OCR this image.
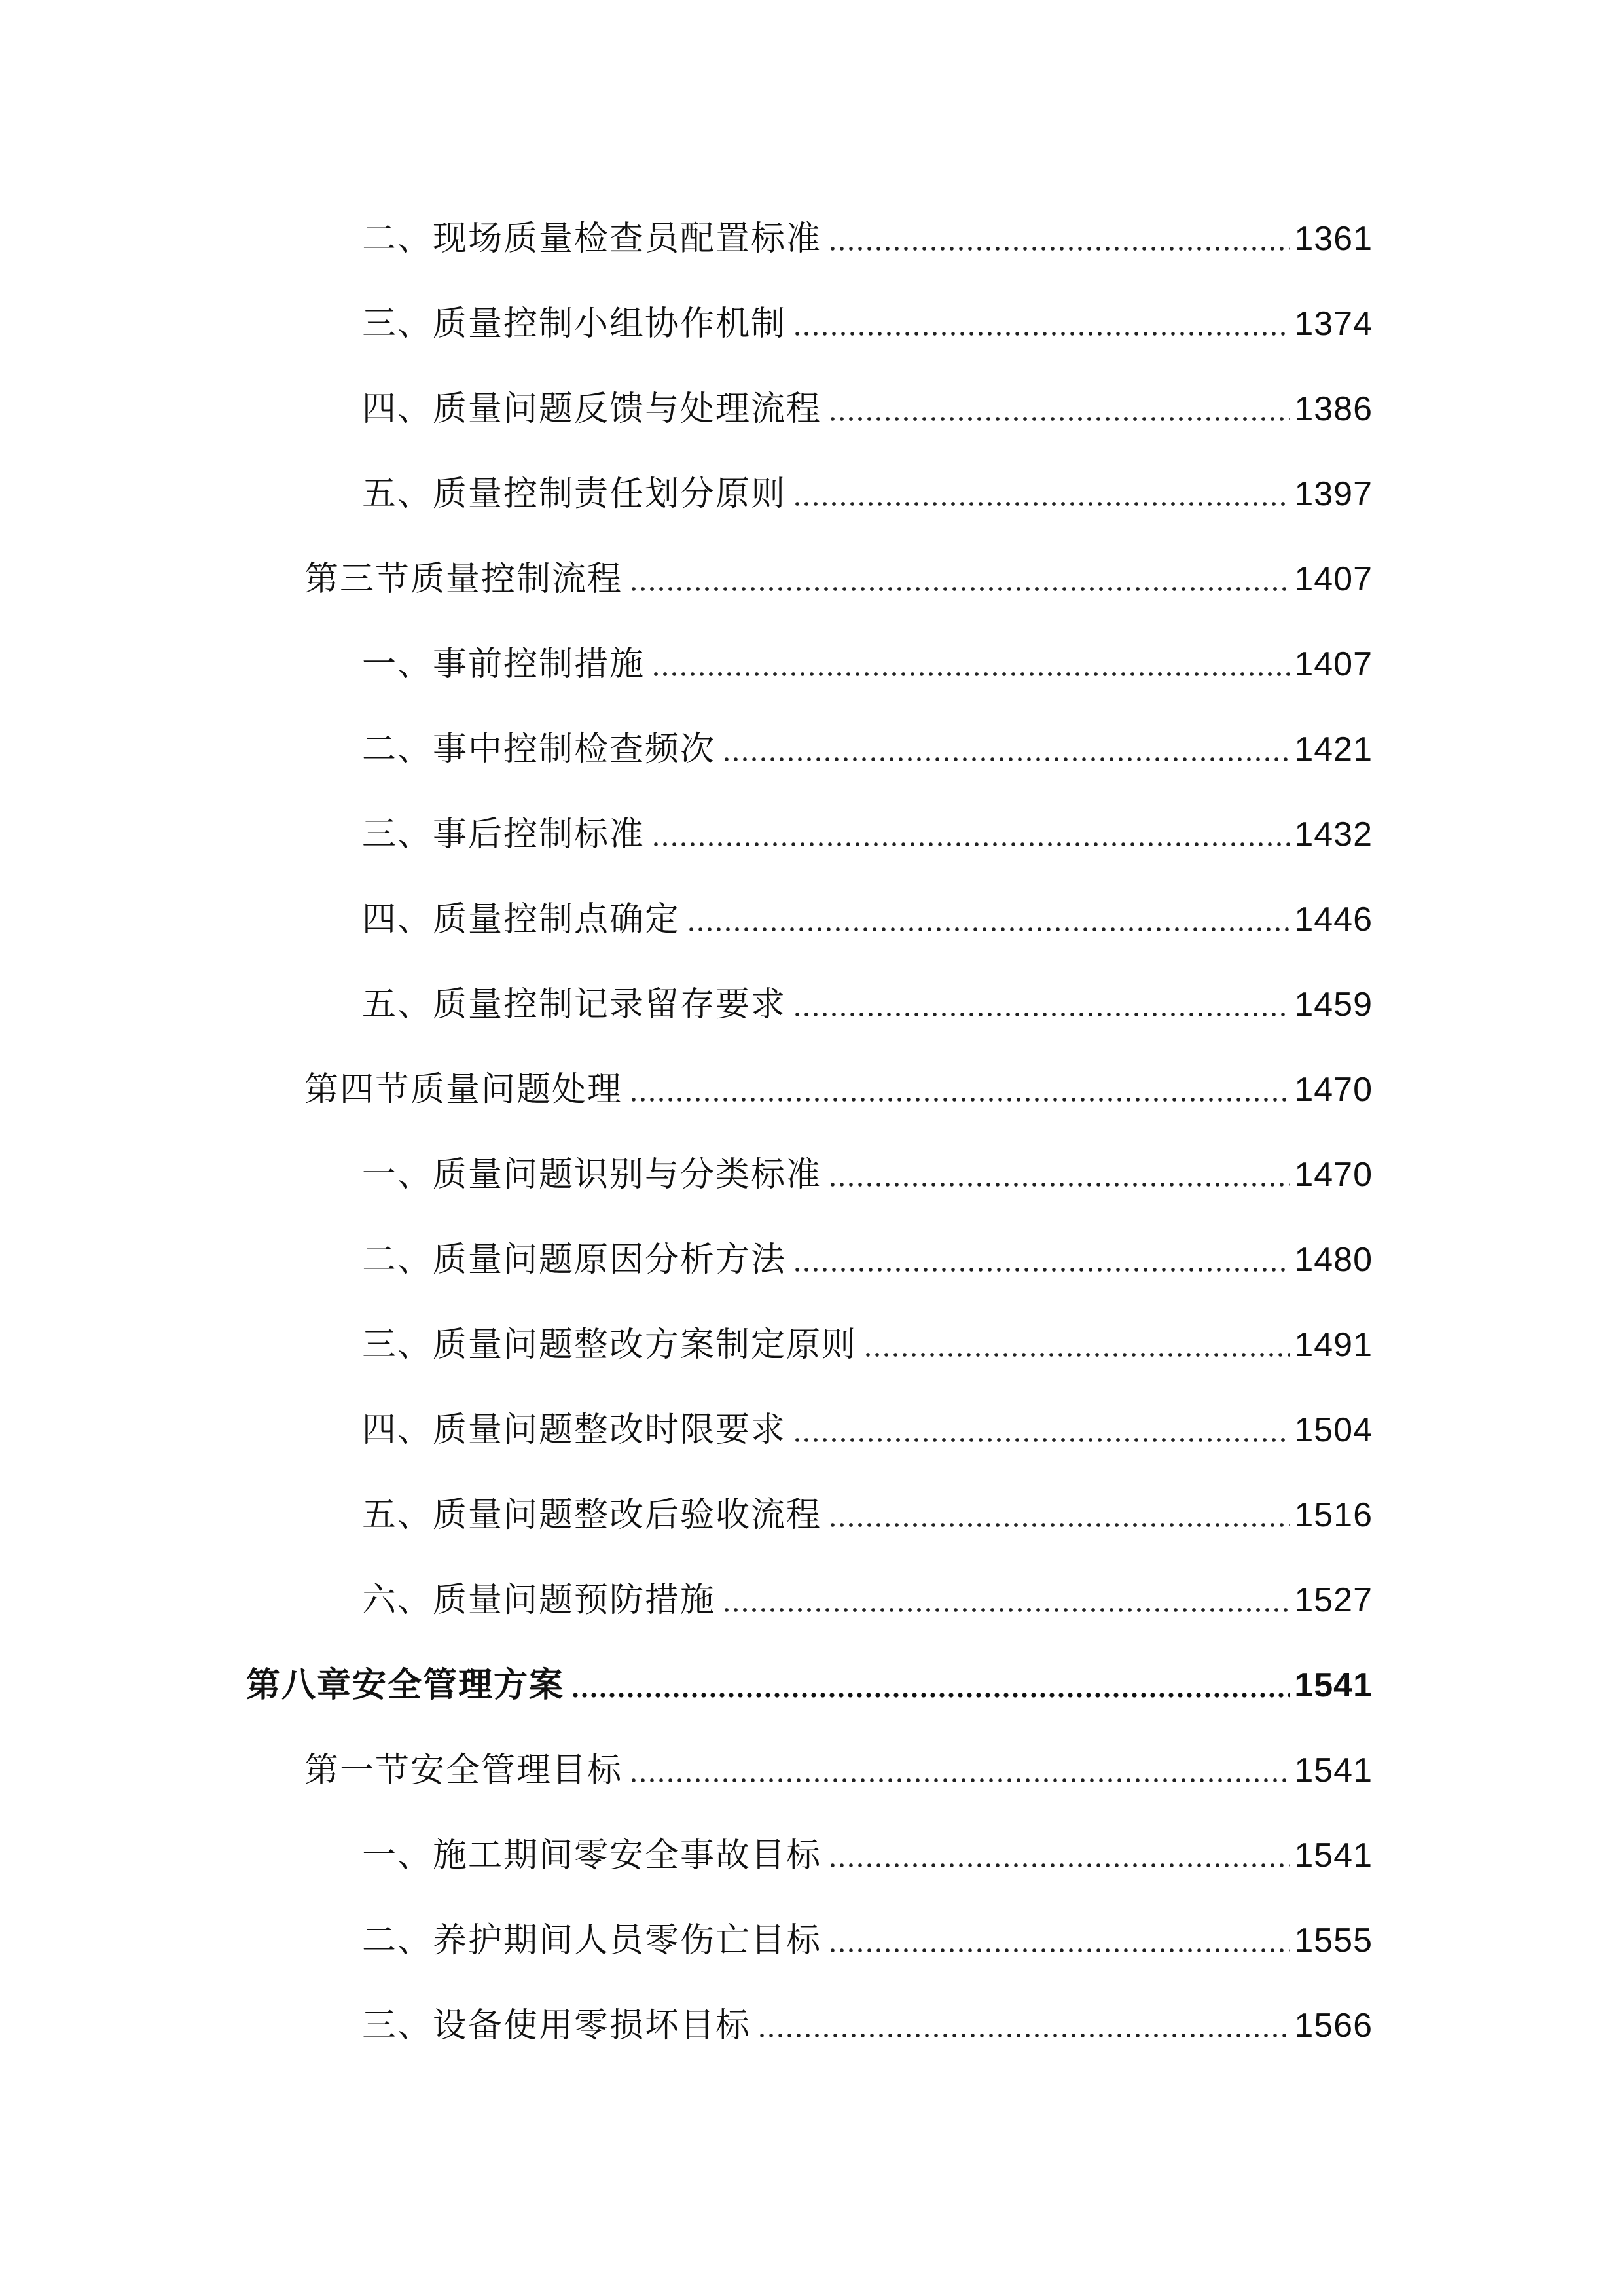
二、现场质量检查员配置标准	1361
三、质量控制小组协作机制	1374
四、质量问题反馈与处理流程	1386
五、质量控制责任划分原则	1397
第三节质量控制流程	1407
一、事前控制措施	1407
二、事中控制检查频次	1421
三、事后控制标准	1432
四、质量控制点确定	1446
五、质量控制记录留存要求	1459
第四节质量问题处理	1470
一、质量问题识别与分类标准	1470
二、质量问题原因分析方法	1480
三、质量问题整改方案制定原则	1491
四、质量问题整改时限要求	1504
五、质量问题整改后验收流程	1516
六、质量问题预防措施	1527
第八章安全管理方案	1541
第一节安全管理目标	1541
一、施工期间零安全事故目标	1541
二、养护期间人员零伤亡目标	1555
三、设备使用零损坏目标	1566
